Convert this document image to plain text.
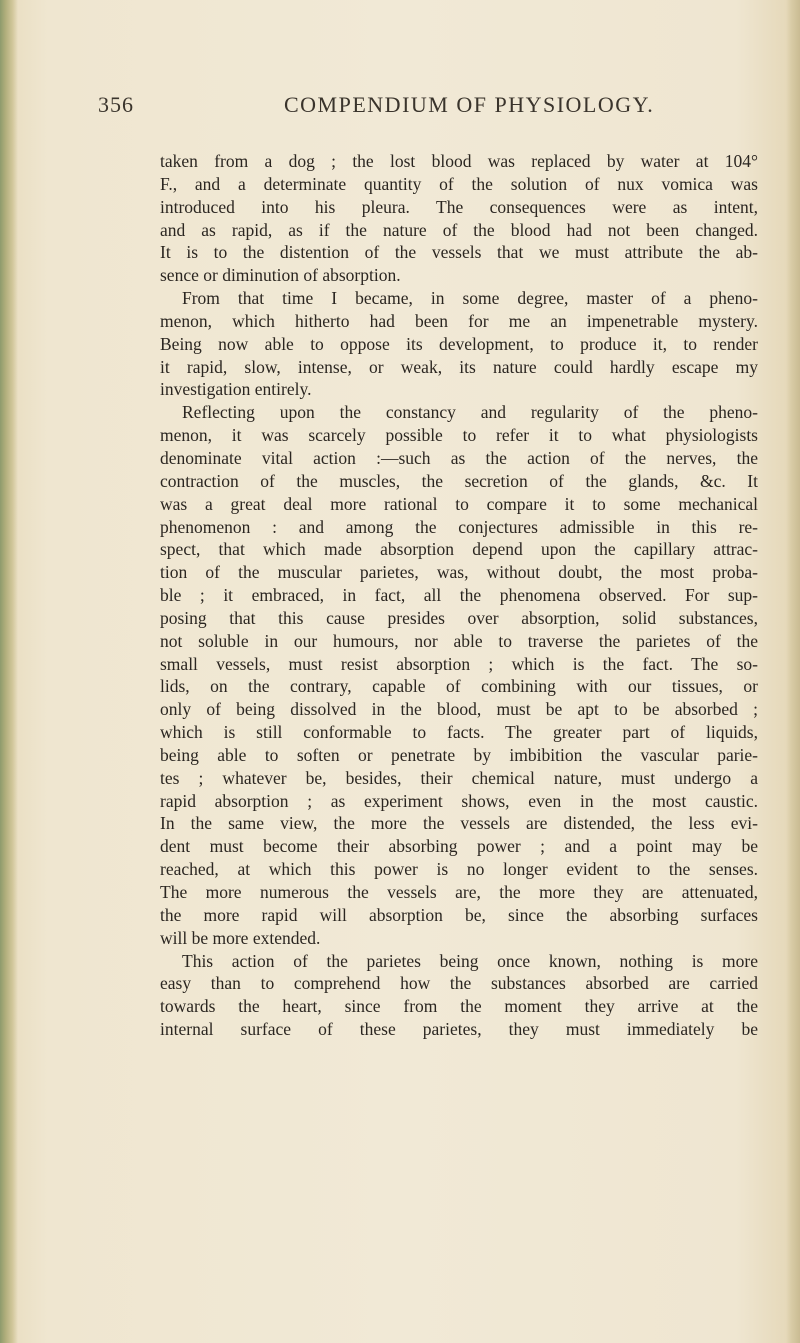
356	COMPENDIUM OF PHYSIOLOGY.
taken from a dog ; the lost blood was replaced by water at 104°
F., and a determinate quantity of the solution of nux vomica was
introduced into his pleura. The consequences were as intent,
and as rapid, as if the nature of the blood had not been changed.
It is to the distention of the vessels that we must attribute the ab-
sence or diminution of absorption.
From that time I became, in some degree, master of a pheno-
menon, which hitherto had been for me an impenetrable mystery.
Being now able to oppose its development, to produce it, to render
it rapid, slow, intense, or weak, its nature could hardly escape my
investigation entirely.
Reflecting upon the constancy and regularity of the pheno-
menon, it was scarcely possible to refer it to what physiologists
denominate vital action :—such as the action of the nerves, the
contraction of the muscles, the secretion of the glands, &c. It
was a great deal more rational to compare it to some mechanical
phenomenon : and among the conjectures admissible in this re-
spect, that which made absorption depend upon the capillary attrac-
tion of the muscular parietes, was, without doubt, the most proba-
ble ; it embraced, in fact, all the phenomena observed. For sup-
posing that this cause presides over absorption, solid substances,
not soluble in our humours, nor able to traverse the parietes of the
small vessels, must resist absorption ; which is the fact. The so-
lids, on the contrary, capable of combining with our tissues, or
only of being dissolved in the blood, must be apt to be absorbed ;
which is still conformable to facts. The greater part of liquids,
being able to soften or penetrate by imbibition the vascular parie-
tes ; whatever be, besides, their chemical nature, must undergo a
rapid absorption ; as experiment shows, even in the most caustic.
In the same view, the more the vessels are distended, the less evi-
dent must become their absorbing power ; and a point may be
reached, at which this power is no longer evident to the senses.
The more numerous the vessels are, the more they are attenuated,
the more rapid will absorption be, since the absorbing surfaces
will be more extended.
This action of the parietes being once known, nothing is more
easy than to comprehend how the substances absorbed are carried
towards the heart, since from the moment they arrive at the
internal surface of these parietes, they must immediately be
